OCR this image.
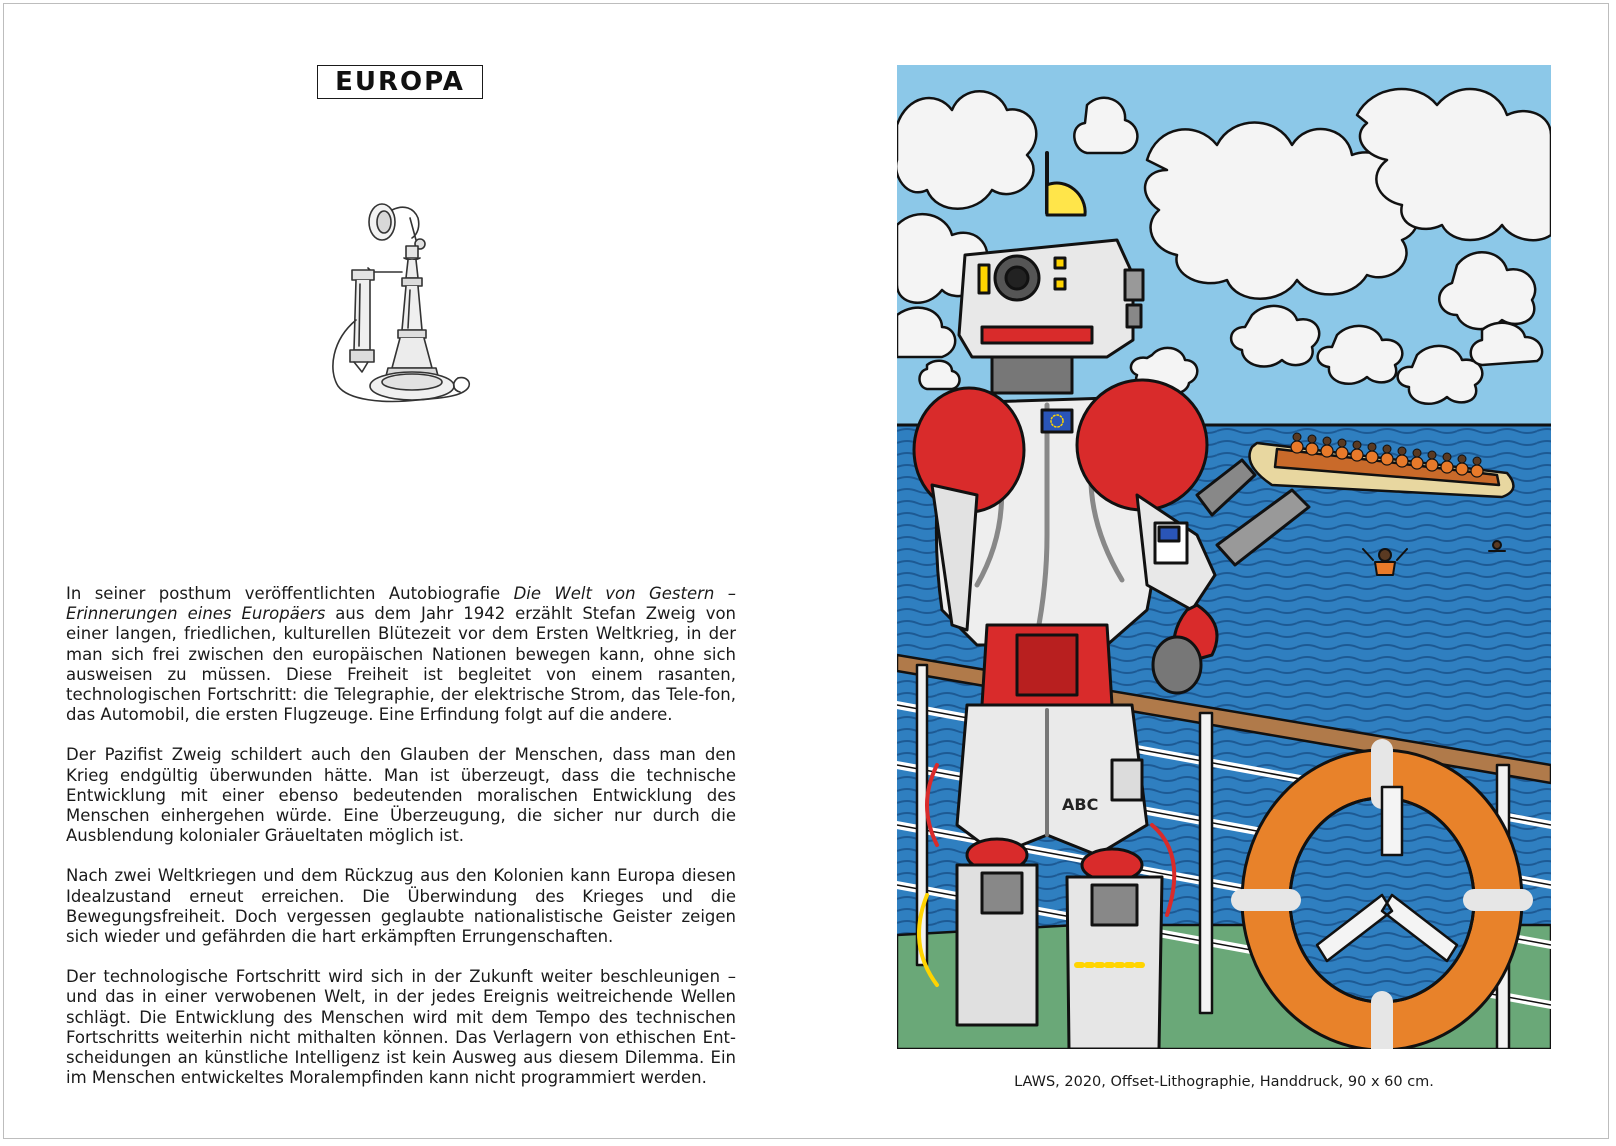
EUROPA

In seiner posthum veröffentlichten Autobiografie Die Welt von Gestern – Erinnerungen eines Europäers aus dem Jahr 1942 erzählt Stefan Zweig von einer langen, friedlichen, kulturellen Blütezeit vor dem Ersten Weltkrieg, in der man sich frei zwischen den europäischen Nationen bewegen kann, ohne sich ausweisen zu müssen. Diese Freiheit ist begleitet von einem rasanten, technologischen Fortschritt: die Telegraphie, der elektrische Strom, das Tele-fon, das Automobil, die ersten Flugzeuge. Eine Erfindung folgt auf die andere.

Der Pazifist Zweig schildert auch den Glauben der Menschen, dass man den Krieg endgültig überwunden hätte. Man ist überzeugt, dass die technische Entwicklung mit einer ebenso bedeutenden moralischen Entwicklung des Menschen einhergehen würde. Eine Überzeugung, die sicher nur durch die Ausblendung kolonialer Gräueltaten möglich ist.

Nach zwei Weltkriegen und dem Rückzug aus den Kolonien kann Europa diesen Idealzustand erneut erreichen. Die Überwindung des Krieges und die Bewegungsfreiheit. Doch vergessen geglaubte nationalistische Geister zeigen sich wieder und gefährden die hart erkämpften Errungenschaften.

Der technologische Fortschritt wird sich in der Zukunft weiter beschleunigen – und das in einer verwobenen Welt, in der jedes Ereignis weitreichende Wellen schlägt. Die Entwicklung des Menschen wird mit dem Tempo des technischen Fortschritts weiterhin nicht mithalten können. Das Verlagern von ethischen Ent-scheidungen an künstliche Intelligenz ist kein Ausweg aus diesem Dilemma. Ein im Menschen entwickeltes Moralempfinden kann nicht programmiert werden.

ABC
LAWS, 2020, Offset-Lithographie, Handdruck, 90 x 60 cm.
